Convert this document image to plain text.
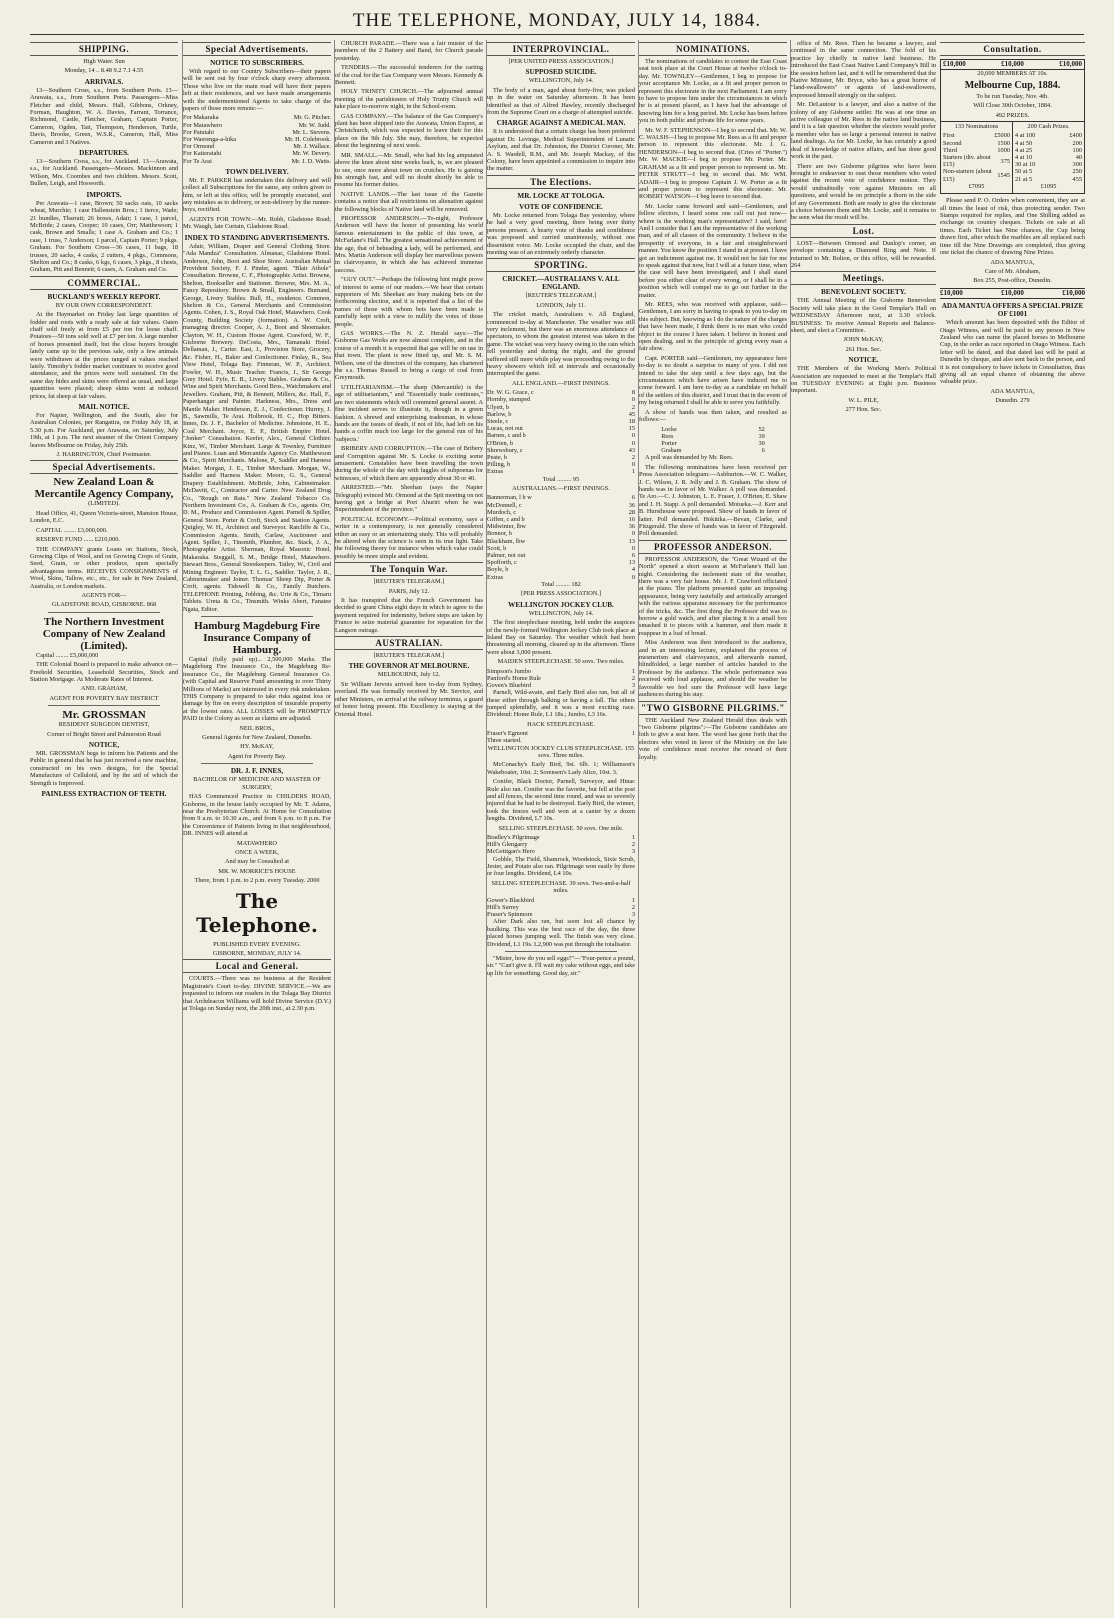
THE TELEPHONE, MONDAY, JULY 14, 1884.
SHIPPING.

High Water. Sun

Monday, 14 .. 8.48 9.2 7.1 4.55

ARRIVALS.

13—Southern Cross, s.s., from Southern Ports. 13—Arawata, s.s., from Southern Ports. Passengers—Miss Fletcher and child, Messrs. Hall, Gibbons, Orkney, Forman, Haughton, W. A. Davies, Farrant, Torrance, Richmond, Castle, Fletcher, Graham, Captain Porter, Cameron, Ogden, Tait, Thompson, Henderson, Turtle, Davis, Brooke, Green, W.S.R., Cameron, Hall, Miss Cameron and 3 Natives.

DEPARTURES.

13—Southern Cross, s.s., for Auckland. 13—Arawata, s.s., for Auckland. Passengers—Messrs. Mackinnon and Wilson, Mrs. Coombes and two children. Messrs. Scott, Bullen, Leigh, and Hosworth.

IMPORTS.

Per Arawata—1 case, Brown; 50 sacks oats, 10 sacks wheat, Murchie; 1 case Hallenstein Bros.; 1 tierce, Wade; 21 bundles, Tharratt; 26 boxes, Adair; 1 case, 1 parcel, McBride; 2 cases, Cooper; 10 cases, Orr; Matthewson; 1 cask, Brown and Smalls; 1 case A. Graham and Co.; 1 case, 1 truss, 7 Anderson; 1 parcel, Captain Porter; 9 pkgs. Graham. For Southern Cross—36 cases, 11 bags, 18 trusses, 20 sacks, 4 casks, 2 cutters, 4 pkgs., Commons, Shelton and Co.; 8 casks, 6 kgs, 6 cases, 3 pkgs., 8 chests, Graham, Pitt and Bennett; 6 cases, A. Graham and Co.

COMMERCIAL.
BUCKLAND'S WEEKLY REPORT.

BY OUR OWN CORRESPONDENT.

At the Haymarket on Friday last large quantities of fodder and roots with a ready sale at fair values. Oaten chaff sold freely at from £5 per ton for loose chaff. Potatoes—50 tons sold well at £7 per ton. A large number of horses presented itself, but the close buyers brought lately came up to the previous sale, only a few animals were withdrawn at the prices ranged at values reached lately. Timothy's fodder market continues to receive good attendance, and the prices were well sustained. On the same day hides and skins were offered as usual, and large quantities were placed; sheep skins went at reduced prices, fat sheep at fair values.

MAIL NOTICE.

For Napier, Wellington, and the South, also for Australian Colonies, per Rangatira, on Friday July 18, at 5.30 p.m. For Auckland, per Arawata, on Saturday, July 19th, at 1 p.m. The next steamer of the Orient Company leaves Melbourne on Friday, July 25th.

J. HARRINGTON, Chief Postmaster.

Special Advertisements.
New Zealand Loan & Mercantile Agency Company,

(LIMITED).

Head Office, 41, Queen Victoria-street, Mansion House, London, E.C.

CAPITAL ........ £3,000,000.

RESERVE FUND ...... £210,000.

THE COMPANY grants Loans on Stations, Stock, Growing Clips of Wool, and on Growing Crops of Grain, Seed, Grain, or other produce, upon specially advantageous terms. RECEIVES CONSIGNMENTS of Wool, Skins, Tallow, etc., etc., for sale in New Zealand, Australia, or London markets.

AGENTS FOR—

GLADSTONE ROAD, GISBORNE. 868

The Northern Investment Company of New Zealand (Limited).

Capital ........ £5,000,000

THE Colonial Board is prepared to make advance on—Freehold Securities, Leasehold Securities, Stock and Station Mortgage. At Moderate Rates of Interest.

AND. GRAHAM,

AGENT FOR POVERTY BAY DISTRICT

Mr. GROSSMAN

RESIDENT SURGEON DENTIST,

Corner of Bright Street and Palmerston Road

NOTICE,

MR. GROSSMAN begs to inform his Patients and the Public in general that he has just received a new machine, constructed on his own designs, for the Special Manufacture of Celluloid, and by the aid of which the Strength is Improved.

PAINLESS EXTRACTION OF TEETH.
Special Advertisements.
NOTICE TO SUBSCRIBERS.

With regard to our Country Subscribers—their papers will be sent out by four o'clock sharp every afternoon. Those who live on the main road will have their papers left at their residences, and we have made arrangements with the undermentioned Agents to take charge of the papers of those more remote:—

For Makaraka	Mr. G. Pitcher.
For Matawhero	Mr. W. Judd.
For Patutahi	Mr. L. Stevens.
For Waerenga-a-hika	Mr. H. Colebrook.
For Ormond	Mr. J. Wallace.
For Kaiteratahi	Mr. W. Devery.
For Te Arai	Mr. J. D. Watts.
TOWN DELIVERY.

Mr. F. PARKER has undertaken this delivery and will collect all Subscriptions for the same, any orders given to him, or left at this office, will be promptly executed, and any mistakes as to delivery, or non-delivery by the runner-boys, rectified.

AGENTS FOR TOWN:—Mr. Robb, Gladstone Road; Mr. Waugh, late Curtain, Gladstone Road.

INDEX TO STANDING ADVERTISEMENTS.

Adair, William, Draper and General Clothing Store. "Ada Mandza" Consultation. Almanac, Gladstone Hotel. Anderson, John, Boot and Shoe Store. Australian Mutual Provident Society, F. J. Pinder, agent. "Blair Athole" Consultation. Browne, C. F., Photographic Artist. Browne, Shelton, Bookseller and Stationer. Browne, Mrs. M. A., Fancy Repository. Brown & Small, Engineers. Burnand, George, Livery Stables. Bull, H., residence. Common, Shelton & Co., General Merchants and Commission Agents. Cohen, J. S., Royal Oak Hotel, Matawhero. Cook County, Building Society (formation). A. W. Croft, managing director. Cooper, A. J., Boot and Shoemaker. Clayton, W. H., Custom House Agent. Crawford, W. F., Gisborne Brewery. DeCosta, Mrs., Tamanaki Hotel. Dellaman, J., Carter. East, J., Provision Store, Grocery, &c. Fisher, H., Baker and Confectioner. Finlay, R., Sea View Hotel, Tolaga Bay. Finneran, W. P., Architect. Fowler, W. H., Music Teacher. Francis, J., Sir George Grey Hotel. Fyfe, E. B., Livery Stables. Graham & Co., Wine and Spirit Merchants. Good Bros., Watchmakers and Jewellers. Graham, Pitt, & Bennett, Millers, &c. Hall, F., Paperhanger and Painter. Harkness, Mrs., Dress and Mantle Maker. Henderson, E. J., Confectioner. Hurrey, J. B., Sawmills, Te Arai. Holbrook, H. C., Hop Bitters. Innes, Dr. J. F., Bachelor of Medicine. Johnstone, H. E., Coal Merchant. Joyce, E. P., British Empire Hotel. "Jonker" Consultation. Keefer, Alex., General Clothier. Kinz, W., Timber Merchant. Large & Townley, Furniture and Pianos. Loan and Mercantile Agency Co. Matthewson & Co., Spirit Merchants. Malone, P., Saddler and Harness Maker. Morgan, J. E., Timber Merchant. Morgan, W., Saddler and Harness Maker. Moore, G. S., General Drapery Establishment. McBride, John, Cabinetmaker. McDavitt, C., Contractor and Carter. New Zealand Drug Co., "Rough on Rats." New Zealand Tobacco Co. Northern Investment Co., A. Graham & Co., agents. Orr, D. M., Produce and Commission Agent. Parnell & Spiller, General Store. Porter & Croft, Stock and Station Agents. Quigley, W. H., Architect and Surveyor. Ratcliffe & Co., Commission Agents. Smith, Carlaw, Auctioneer and Agent. Spiller, J., Tinsmith, Plumber, &c. Stack, J. A., Photographic Artist. Sherman, Royal Masonic Hotel, Makaraka. Steggall, S. M., Bridge Hotel, Matawhero. Stewart Bros., General Storekeepers. Tatley, W., Civil and Mining Engineer. Taylor, T. L. G., Saddler. Taylor, J. R., Cabinetmaker and Joiner. Thomas' Sheep Dip, Porter & Croft, agents. Tidswell & Co., Family Butchers. TELEPHONE Printing, Jobbing, &c. Urie & Co., Timaru Tablets. Ureta & Co., Tinsmith. Winks Abert, Fanatee Ngata, Editor.

Hamburg Magdeburg Fire Insurance Company of Hamburg.

Capital (fully paid up)... 2,500,000 Marks. The Magdeburg Fire Insurance Co., the Magdeburg Re-insurance Co., the Magdeburg General Insurance Co. (with Capital and Reserve Fund amounting to over Thirty Millions of Marks) are interested in every risk undertaken. THIS Company is prepared to take risks against loss or damage by fire on every description of insurable property at the lowest rates. ALL LOSSES will be PROMPTLY PAID in the Colony as soon as claims are adjusted.

NEIL BROS.,

General Agents for New Zealand, Dunedin.

HY. McKAY,

Agent for Poverty Bay.

DR. J. F. INNES,

BACHELOR OF MEDICINE AND MASTER OF SURGERY,

HAS Commenced Practice in CHILDERS ROAD, Gisborne, in the house lately occupied by Mr. T. Adams, near the Presbyterian Church. At Home for Consultation from 9 a.m. to 10.30 a.m., and from 6 p.m. to 8 p.m. For the Convenience of Patients living in that neighbourhood, DR. INNES will attend at

MATAWHERO

ONCE A WEEK,

And may be Consulted at

MR. W. MORRICE'S HOUSE

There, from 1 p.m. to 2 p.m. every Tuesday. 2000

The Telephone.

PUBLISHED EVERY EVENING.

GISBORNE, MONDAY, JULY 14.

Local and General.

COURTS.—There was no business at the Resident Magistrate's Court to-day. DIVINE SERVICE.—We are requested to inform our readers in the Tolaga Bay District that Archdeacon Williams will hold Divine Service (D.V.) at Tolaga on Sunday next, the 20th inst., at 2.30 p.m.

CHURCH PARADE.—There was a fair muster of the members of the 2 Battery and Band, for Church parade yesterday.

TENDERS.—The successful tenderers for the carting of the coal for the Gas Company were Messrs. Kennedy & Bennett.

HOLY TRINITY CHURCH.—The adjourned annual meeting of the parishioners of Holy Trinity Church will take place to-morrow night, in the School-room.

GAS COMPANY.—The balance of the Gas Company's plant has been shipped into the Arawata, Union Export, at Christchurch, which was expected to leave their for this place on the 9th July. She may, therefore, be expected about the beginning of next week.

MR. SMALL.—Mr. Small, who had his leg amputated above the knee about nine weeks back, is, we are pleased to see, once more about town on crutches. He is gaining his strength fast, and will no doubt shortly be able to resume his former duties.

NATIVE LANDS.—The last issue of the Gazette contains a notice that all restrictions on alienation against the following blocks of Native land will be removed.

PROFESSOR ANDERSON.—To-night, Professor Anderson will have the honor of presenting his world famous entertainment to the public of this town, at McFarlane's Hall. The greatest sensational achievement of the age, that of beheading a lady, will be performed, and Mrs. Martin Anderson will display her marvellous powers in clairvoyance, in which she has achieved immense success.

"GUY OUT."—Perhaps the following hint might prove of interest to some of our readers.—We hear that certain supporters of Mr. Sheehan are busy making bets on the forthcoming election, and it is reported that a list of the names of those with whom bets have been made is carefully kept with a view to nullify the votes of those people.

GAS WORKS.—The N. Z. Herald says:—The Gisborne Gas Works are now almost complete, and in the course of a month it is expected that gas will be on use in that town. The plant is now fitted up, and Mr. S. M. Wilson, one of the directors of the company, has chartered the s.s. Thomas Russell to bring a cargo of coal from Greymouth.

UTILITARIANISM.—The sharp (Mercantile) is the age of utilitarianism," and "Essentially trade continues," are two statements which will commend general assent. A fine incident serves to illustrate it, though in a green fashion. A shrewd and enterprising tradesman, in whose hands are the issues of death, if not of life, had left on his hands a coffin much too large for the general run of his 'subjects.'

BRIBERY AND CORRUPTION.—The case of Bribery and Corruption against Mr. S. Locke is exciting some amusement. Constables have been travelling the town during the whole of the day with faggles of subpoenas for witnesses, of which there are apparently about 30 or 40.

ARRESTED.—"Mr. Sheehan (says the Napier Telegraph) evinced Mr. Ormond at the Spit meeting on not having got a bridge at Port Ahuriri when he was Superintendent of the province."

POLITICAL ECONOMY.—Political economy, says a writer in a contemporary, is not generally considered either an easy or an entertaining study. This will probably be altered when the science is seen in its true light. Take the following theory for instance when which value could possibly be more simple and evident.

The Tonquin War.

[REUTER'S TELEGRAM.]

PARIS, July 12.

It has transpired that the French Government has decided to grant China eight days in which to agree to the payment required for indemnity, before steps are taken by France to seize material guarantee for reparation for the Langson outrage.

AUSTRALIAN.

[REUTER'S TELEGRAM.]

THE GOVERNOR AT MELBOURNE.

MELBOURNE, July 12.

Sir William Jervois arrived here to-day from Sydney, overland. He was formally received by Mr. Service, and other Ministers, on arrival at the railway terminus, a guard of honor being present. His Excellency is staying at the Oriental Hotel.

INTERPROVINCIAL.

[PER UNITED PRESS ASSOCIATION.]

SUPPOSED SUICIDE.

WELLINGTON, July 14.

The body of a man, aged about forty-five, was picked up in the water on Saturday afternoon. It has been identified as that of Alfred Hawley, recently discharged from the Supreme Court on a charge of attempted suicide.

CHARGE AGAINST A MEDICAL MAN.

It is understood that a certain charge has been preferred against Dr. Levinge, Medical Superintendent of Lunatic Asylum, and that Dr. Johnston, the District Coroner, Mr. A. S. Wardell, R.M., and Mr. Joseph Mackay, of the Colony, have been appointed a commission to inquire into the matter.

The Elections.
MR. LOCKE AT TOLOGA.
VOTE OF CONFIDENCE.

Mr. Locke returned from Tolaga Bay yesterday, where he had a very good meeting, there being over thirty persons present. A hearty vote of thanks and confidence was proposed and carried unanimously, without one dissentient voice. Mr. Locke occupied the chair, and the meeting was of an extremely orderly character.

SPORTING.
CRICKET.—AUSTRALIANS V. ALL ENGLAND.

[REUTER'S TELEGRAM.]

LONDON, July 11.

The cricket match, Australians v. All England, commenced to-day at Manchester. The weather was still very inclement, but there was an enormous attendance of spectators, to whom the greatest interest was taken in the game. The wicket was very heavy owing to the rain which fell yesterday and during the night, and the ground suffered still more while play was proceeding owing to the heavy showers which fell at intervals and occasionally interrupted the game.

ALL ENGLAND.—FIRST INNINGS.

Dr. W. G. Grace, c	8
Hornby, stumped	0
Ulyett, b	2
Barlow, b	45
Steele, c	18
Lucas, not out	15
Barnes, c and b	0
O'Brien, b	0
Shrewsbury, c	43
Peate, b	2
Pilling, b	0
Extras	1

Total ......... 95

AUSTRALIANS.—FIRST INNINGS.

Bannerman, l b w	6
McDonnell, c	36
Murdoch, c	28
Giffen, c and b	16
Midwinter, lbw	36
Bonnor, b	0
Blackham, lbw	13
Scott, b	0
Palmer, not out	6
Spofforth, c	13
Boyle, b	4
Extras	0

Total ......... 182

[PER PRESS ASSOCIATION.]

WELLINGTON JOCKEY CLUB.

WELLINGTON, July 14.

The first steeplechase meeting, held under the auspices of the newly-formed Wellington Jockey Club took place at Island Bay on Saturday. The weather which had been threatening all morning, cleared up in the afternoon. There were about 3,000 present.

MAIDEN STEEPLECHASE. 50 sovs. Two miles.

Simpson's Jumbo	1
Panford's Home Rule	2
Goven's Bluebird	3

Parnell, Wild-avain, and Early Bird also ran, but all of these either through balking or having a fall. The others jumped splendidly, and it was a most exciting race. Dividend: Home Rule, L1 18s.; Jumbo, L3 16s.

HACK STEEPLECHASE.

Fraser's Egmont	1
Three started.	

WELLINGTON JOCKEY CLUB STEEPLECHASE. 155 sovs. Three miles.

McConachy's Early Bird, 9st. 6lb. 1; Williamson's Wakeboater, 10st. 2; Sorensen's Lady Alice, 10st. 3.

Conifer, Black Doctor, Parnell, Surveyor, and Hinac Rule also ran. Conifer was the favorite, but fell at the post and all fences, the second time round, and was so severely injured that he had to be destroyed. Early Bird, the winner, took the fences well and won at a canter by a dozen lengths. Dividend, L7 10s.

SELLING STEEPLECHASE. 50 sovs. One mile.

Bradley's Pilgrimage	1
Hill's Glengarry	2
McGettigan's Hero	3

Gobble, The Field, Shamrock, Woodstock, Sixie Scrub, Jester, and Potato also ran. Pilgrimage won easily by three or four lengths. Dividend, L4 10s.

SELLING STEEPLECHASE. 39 sovs. Two-and-a-half miles.

Gower's Blackbird	1
Hill's Surrey	2
Fraser's Spinmore	3

After Dark also ran, but soon lost all chance by baulking. This was the best race of the day, the three placed horses jumping well. The finish was very close. Dividend, L1 19s. L2,900 was put through the totalisator.

"Mister, how do you sell eggs?"—"Four-pence a pound, sir." "Can't give it. I'll wait my cake without eggs, and take up life for something. Good day, sir."

NOMINATIONS.

The nominations of candidates to contest the East Coast seat took place at the Court House at twelve o'clock to-day. Mr. TOWNLEY—Gentlemen, I beg to propose for your acceptance Mr. Locke, as a fit and proper person to represent this electorate in the next Parliament. I am sorry to have to propose him under the circumstances in which he is at present placed, as I have had the advantage of knowing him for a long period. Mr. Locke has been before you in both public and private life for some years.

Mr. W. F. STEPHENSON—I beg to second that. Mr. W. C. WALSH—I beg to propose Mr. Rees as a fit and proper person to represent this electorate. Mr. J. G. HENDERSON—I beg to second that. (Cries of "Porter.") Mr. W. MACKIE—I beg to propose Mr. Porter. Mr. GRAHAM as a fit and proper person to represent us. Mr. PETER STRUTT—I beg to second that. Mr. WM. ADAIR—I beg to propose Captain J. W. Porter as a fit and proper person to represent this electorate. Mr. ROBERT WATSON—I beg leave to second that.

Mr. Locke came forward and said—Gentlemen, and fellow electors, I heard some one call out just now—where is the working man's representative? I said, here! And I consider that I am the representative of the working man, and of all classes of the community. I believe in the prosperity of everyone, in a fair and straightforward manner. You know the position I stand in at present. I have got an indictment against me. It would not be fair for me to speak against that now, but I will at a future time, when the case will have been investigated, and I shall stand before you either clear of every wrong, or I shall be in a position which will compel me to go out further in the matter.

Mr. REES, who was received with applause, said—Gentlemen, I am sorry in having to speak to you to-day on this subject. But, knowing as I do the nature of the charges that have been made, I think there is no man who could object to the course I have taken. I believe in honest and open dealing, and in the principle of giving every man a fair show.

Capt. PORTER said—Gentlemen, my appearance here to-day is no doubt a surprise to many of you. I did not intend to take the step until a few days ago, but the circumstances which have arisen have induced me to come forward. I am here to-day as a candidate on behalf of the settlers of this district, and I trust that in the event of my being returned I shall be able to serve you faithfully.

A show of hands was then taken, and resulted as follows:—

Locke	52
Rees	39
Porter	30
Graham	6

A poll was demanded by Mr. Rees.

The following nominations have been received per Press Association telegram:—Ashburton.—W. C. Walker, J. C. Wilson, J. R. Jolly and J. B. Graham. The show of hands was in favor of Mr. Walker. A poll was demanded. Te Aro.—C. J. Johnston, L. E. Fraser, J. O'Brien, E. Shaw and J. H. Stapp. A poll demanded. Motueka.—J. Kerr and B. Hursthouse were proposed. Show of hands in favor of latter. Poll demanded. Hokitika.—Bevan, Clarke, and Fitzgerald. The show of hands was in favor of Fitzgerald. Poll demanded.

PROFESSOR ANDERSON.

PROFESSOR ANDERSON, the "Great Wizard of the North" opened a short season at McFarlane's Hall last night. Considering the inclement state of the weather, there was a very fair house. Mr. J. F. Crawford officiated at the piano. The platform presented quite an imposing appearance, being very tastefully and artistically arranged with the various apparatus necessary for the performance of the tricks, &c. The first thing the Professor did was to borrow a gold watch, and after placing it in a small box smashed it to pieces with a hammer, and then made it reappear in a loaf of bread.

Miss Anderson was then introduced to the audience, and in an interesting lecture, explained the process of mesmerism and clairvoyance, and afterwards named, blindfolded, a large number of articles handed to the Professor by the audience. The whole performance was received with loud applause, and should the weather be favorable we feel sure the Professor will have large audiences during his stay.

"TWO GISBORNE PILGRIMS."

THE Auckland New Zealand Herald thus deals with "two Gisborne pilgrims":—The Gisborne candidates are loth to give a seat here. The word has gone forth that the electors who voted in favor of the Ministry on the late vote of confidence must receive the reward of their loyalty.

office of Mr. Rees. Then he became a lawyer, and continued in the same connection. The fold of his practice lay chiefly in native land business. He introduced the East Coast Native Land Company's Bill in the session before last, and it will be remembered that the Native Minister, Mr. Bryce, who has a great horror of "land-swallowers" or agents of land-swallowers, expressed himself strongly on the subject.

Mr. DeLautour is a lawyer, and also a native of the colony of any Gisborne settler. He was at one time an active colleague of Mr. Rees in the native land business, and it is a fair question whether the electors would prefer a member who has so large a personal interest in native land dealings. As for Mr. Locke, he has certainly a good deal of knowledge of native affairs, and has done good work in the past.

There are two Gisborne pilgrims who have been brought to endeavour to oust those members who voted against the recent vote of confidence motion. They would undoubtedly vote against Ministers on all questions, and would be on principle a thorn in the side of any Government. Both are ready to give the electorate a choice between them and Mr. Locke, and it remains to be seen what the result will be.

Lost.

LOST—Between Ormond and Dunlop's corner, an envelope containing a Diamond Ring and Note. If returned to Mr. Bolton, or this office, will be rewarded. 264

Meetings.
BENEVOLENT SOCIETY.

THE Annual Meeting of the Gisborne Benevolent Society will take place in the Good Templar's Hall on WEDNESDAY Afternoon next, at 3.30 o'clock. BUSINESS: To receive Annual Reports and Balance-sheet, and elect a Committee.

JOHN McKAY,

261 Hon. Sec.

NOTICE.

THE Members of the Working Men's Political Association are requested to meet at the Templar's Hall on TUESDAY EVENING at Eight p.m. Business important.

W. L. PILE,

277 Hon. Sec.

Consultation.
£10,000	£10,000	£10,000

20,000 MEMBERS AT 10s.

Melbourne Cup, 1884.

To be run Tuesday, Nov. 4th.

Will Close 30th October, 1884.

492 PRIZES.

133 Nominations

First	£5000
Second	1500
Third	1000
Starters (div. about £15)	375
Non-starters (about £15)	1545

£7095

209 Cash Prizes.

4 at 100	£400
4 at 50	200
4 at 25	100
4 at 10	40
30 at 10	300
50 at 5	250
21 at 5	455

£1095

Please send P. O. Orders when convenient, they are at all times the least of risk, thus protecting sender. Two Stamps required for replies, and One Shilling added as exchange on country cheques. Tickets on sale at all times. Each Ticket has Nine chances, the Cup being drawn first, after which the marbles are all replaced each time till the Nine Drawings are completed, thus giving one ticket the chance of drawing Nine Prizes.

ADA MANTUA,

Care of Mr. Abraham,

Box 255, Post-office, Dunedin.

£10,000	£10,000	£10,000
ADA MANTUA OFFERS A SPECIAL PRIZE OF £1001

Which amount has been deposited with the Editor of Otago Witness, and will be paid to any person in New Zealand who can name the placed horses in Melbourne Cup, in the order as race reported in Otago Witness. Each letter will be dated, and that dated last will be paid at Dunedin by cheque, and also sent back to the person, and it is not compulsory to have tickets in Consultation, thus giving all an equal chance of obtaining the above valuable prize.

ADA MANTUA,

Dunedin. 279
